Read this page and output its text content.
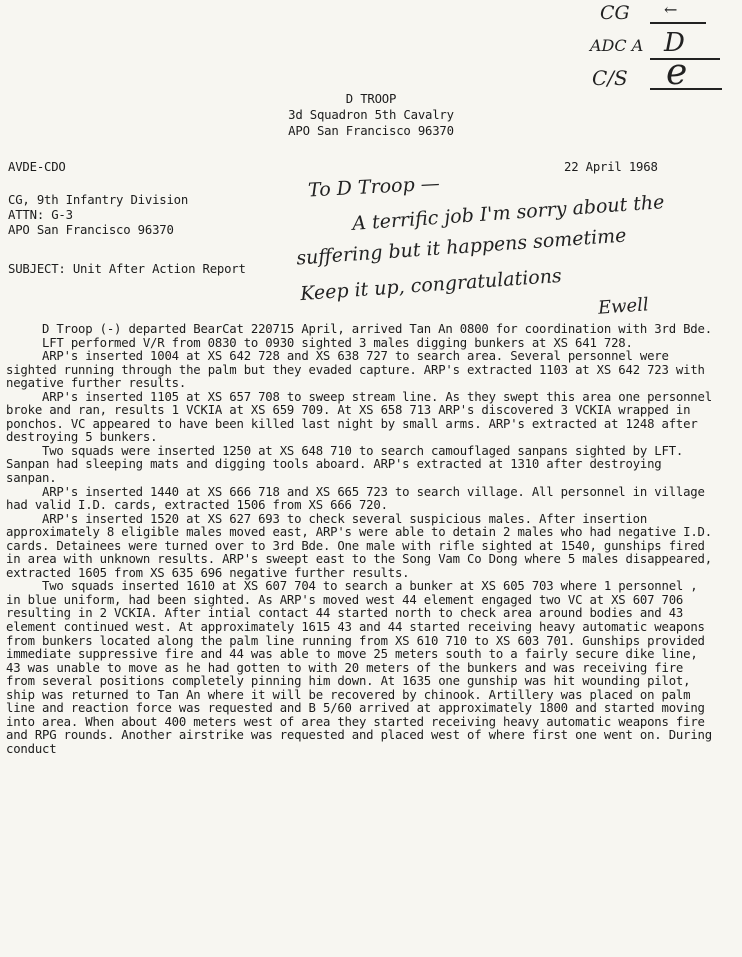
CG ←
ADC A D
C/S e
D TROOP
3d Squadron 5th Cavalry
APO San Francisco 96370
AVDE-CDO	22 April 1968
CG, 9th Infantry Division
ATTN: G-3
APO San Francisco 96370
SUBJECT: Unit After Action Report
To D Troop —
A terrific job I'm sorry about the
suffering but it happens sometime
Keep it up, congratulations
Ewell

D Troop (-) departed BearCat 220715 April, arrived Tan An 0800 for coordination with 3rd Bde.

LFT performed V/R from 0830 to 0930 sighted 3 males digging bunkers at XS 641 728.

ARP's inserted 1004 at XS 642 728 and XS 638 727 to search area. Several personnel were sighted running through the palm but they evaded capture. ARP's extracted 1103 at XS 642 723 with negative further results.

ARP's inserted 1105 at XS 657 708 to sweep stream line. As they swept this area one personnel broke and ran, results 1 VCKIA at XS 659 709. At XS 658 713 ARP's discovered 3 VCKIA wrapped in ponchos. VC appeared to have been killed last night by small arms. ARP's extracted at 1248 after destroying 5 bunkers.

Two squads were inserted 1250 at XS 648 710 to search camouflaged sanpans sighted by LFT. Sanpan had sleeping mats and digging tools aboard. ARP's extracted at 1310 after destroying sanpan.

ARP's inserted 1440 at XS 666 718 and XS 665 723 to search village. All personnel in village had valid I.D. cards, extracted 1506 from XS 666 720.

ARP's inserted 1520 at XS 627 693 to check several suspicious males. After insertion approximately 8 eligible males moved east, ARP's were able to detain 2 males who had negative I.D. cards. Detainees were turned over to 3rd Bde. One male with rifle sighted at 1540, gunships fired in area with unknown results. ARP's sweept east to the Song Vam Co Dong where 5 males disappeared, extracted 1605 from XS 635 696 negative further results.

Two squads inserted 1610 at XS 607 704 to search a bunker at XS 605 703 where 1 personnel , in blue uniform, had been sighted. As ARP's moved west 44 element engaged two VC at XS 607 706 resulting in 2 VCKIA. After intial contact 44 started north to check area around bodies and 43 element continued west. At approximately 1615 43 and 44 started receiving heavy automatic weapons from bunkers located along the palm line running from XS 610 710 to XS 603 701. Gunships provided immediate suppressive fire and 44 was able to move 25 meters south to a fairly secure dike line, 43 was unable to move as he had gotten to with 20 meters of the bunkers and was receiving fire from several positions completely pinning him down. At 1635 one gunship was hit wounding pilot, ship was returned to Tan An where it will be recovered by chinook. Artillery was placed on palm line and reaction force was requested and B 5/60 arrived at approximately 1800 and started moving into area. When about 400 meters west of area they started receiving heavy automatic weapons fire and RPG rounds. Another airstrike was requested and placed west of where first one went on. During conduct
